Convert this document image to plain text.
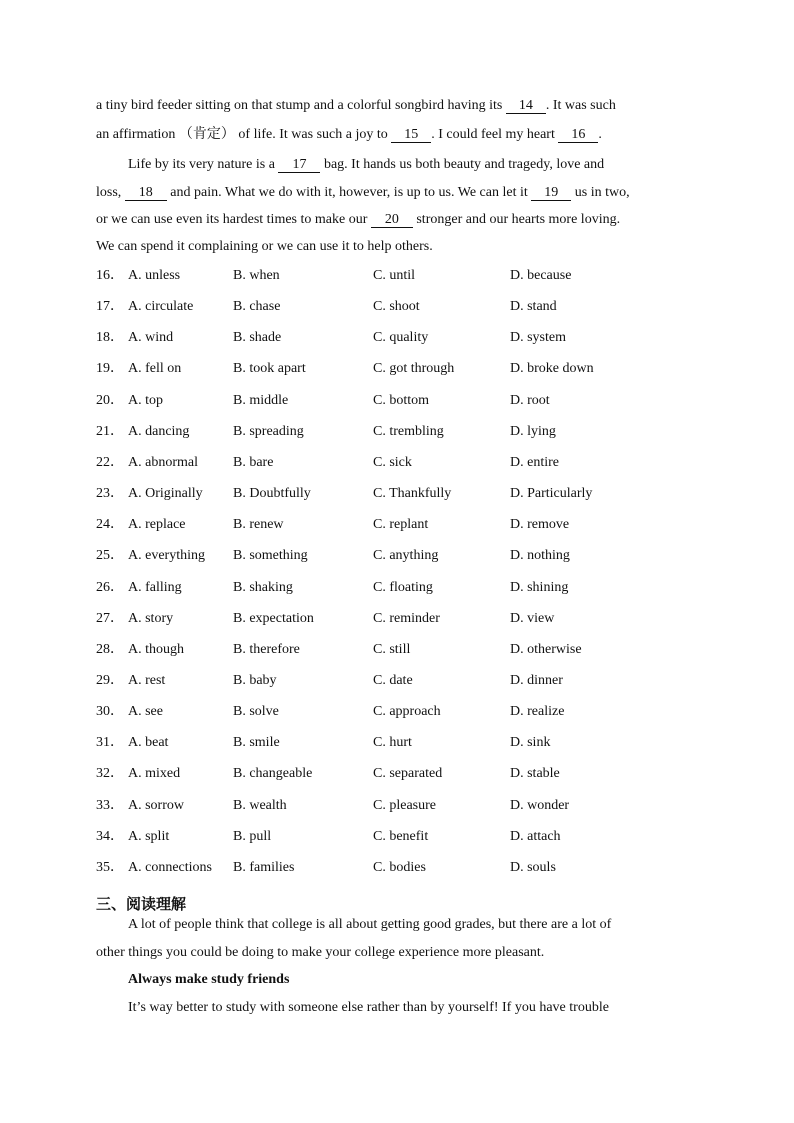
a tiny bird feeder sitting on that stump and a colorful songbird having its 14 . It was such
an affirmation （肯定） of life. It was such a joy to 15 . I could feel my heart 16 .
Life by its very nature is a 17 bag. It hands us both beauty and tragedy, love and
loss, 18 and pain. What we do with it, however, is up to us. We can let it 19 us in two,
or we can use even its hardest times to make our 20 stronger and our hearts more loving.
We can spend it complaining or we can use it to help others.
16． A. unless	B. when	C. until	D. because
17． A. circulate	B. chase	C. shoot	D. stand
18． A. wind	B. shade	C. quality	D. system
19． A. fell on	B. took apart	C. got through	D. broke down
20． A. top	B. middle	C. bottom	D. root
21． A. dancing	B. spreading	C. trembling	D. lying
22． A. abnormal	B. bare	C. sick	D. entire
23． A. Originally B. Doubtfully	C. Thankfully	D. Particularly
24． A. replace	B. renew	C. replant	D. remove
25． A. everything B. something	C. anything	D. nothing
26． A. falling	B. shaking	C. floating	D. shining
27． A. story	B. expectation	C. reminder	D. view
28． A. though	B. therefore	C. still	D. otherwise
29． A. rest	B. baby	C. date	D. dinner
30． A. see	B. solve	C. approach	D. realize
31． A. beat	B. smile	C. hurt	D. sink
32． A. mixed	B. changeable	C. separated	D. stable
33． A. sorrow	B. wealth	C. pleasure	D. wonder
34． A. split	B. pull	C. benefit	D. attach
35． A. connections B. families	C. bodies	D. souls
三、阅读理解
A lot of people think that college is all about getting good grades, but there are a lot of
other things you could be doing to make your college experience more pleasant.
Always make study friends
It’s way better to study with someone else rather than by yourself! If you have trouble
